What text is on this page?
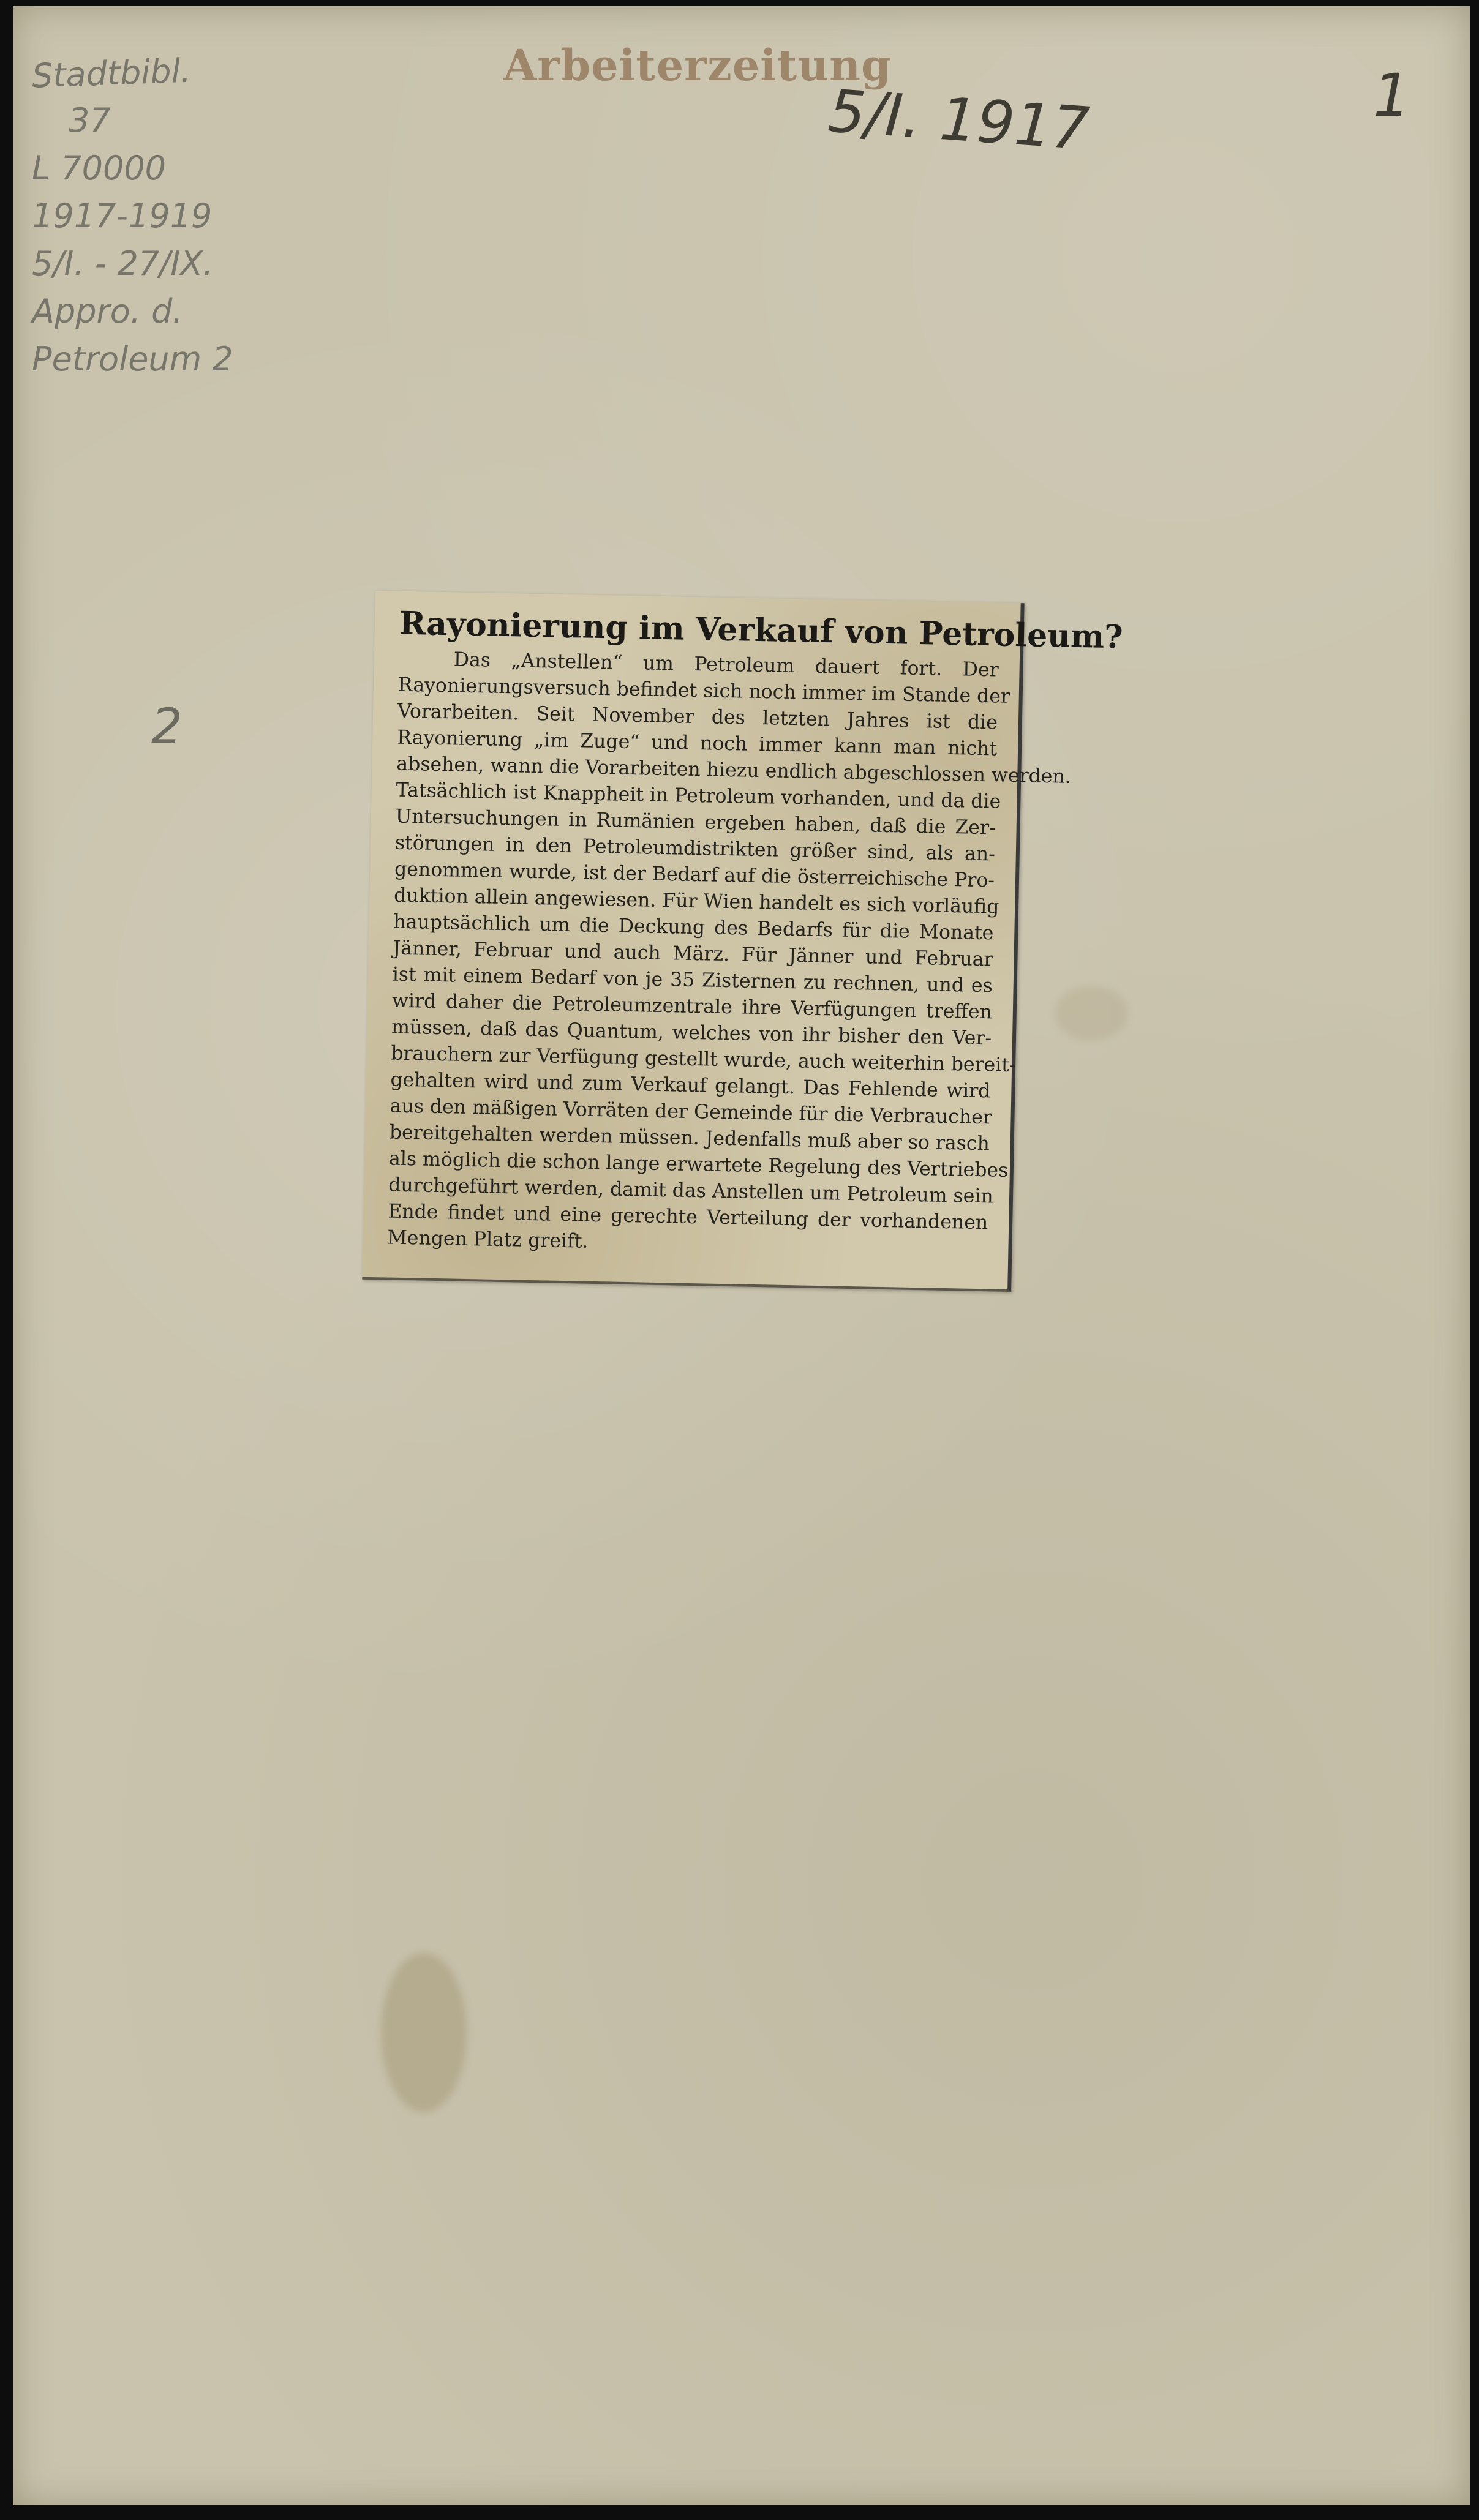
Arbeiterzeitung
5/I. 1917	1
Stadtbibl.
37
L 70000
1917-1919
5/I. - 27/IX.
Appro. d.
Petroleum 2
2
Rayonierung im Verkauf von Petroleum?
Das „Anstellen“ um Petroleum dauert fort. Der
Rayonierungsversuch befindet sich noch immer im Stande der
Vorarbeiten. Seit November des letzten Jahres ist die
Rayonierung „im Zuge“ und noch immer kann man nicht
absehen, wann die Vorarbeiten hiezu endlich abgeschlossen werden.
Tatsächlich ist Knappheit in Petroleum vorhanden, und da die
Untersuchungen in Rumänien ergeben haben, daß die Zer-
störungen in den Petroleumdistrikten größer sind, als an-
genommen wurde, ist der Bedarf auf die österreichische Pro-
duktion allein angewiesen. Für Wien handelt es sich vorläufig
hauptsächlich um die Deckung des Bedarfs für die Monate
Jänner, Februar und auch März. Für Jänner und Februar
ist mit einem Bedarf von je 35 Zisternen zu rechnen, und es
wird daher die Petroleumzentrale ihre Verfügungen treffen
müssen, daß das Quantum, welches von ihr bisher den Ver-
brauchern zur Verfügung gestellt wurde, auch weiterhin bereit-
gehalten wird und zum Verkauf gelangt. Das Fehlende wird
aus den mäßigen Vorräten der Gemeinde für die Verbraucher
bereitgehalten werden müssen. Jedenfalls muß aber so rasch
als möglich die schon lange erwartete Regelung des Vertriebes
durchgeführt werden, damit das Anstellen um Petroleum sein
Ende findet und eine gerechte Verteilung der vorhandenen
Mengen Platz greift.
